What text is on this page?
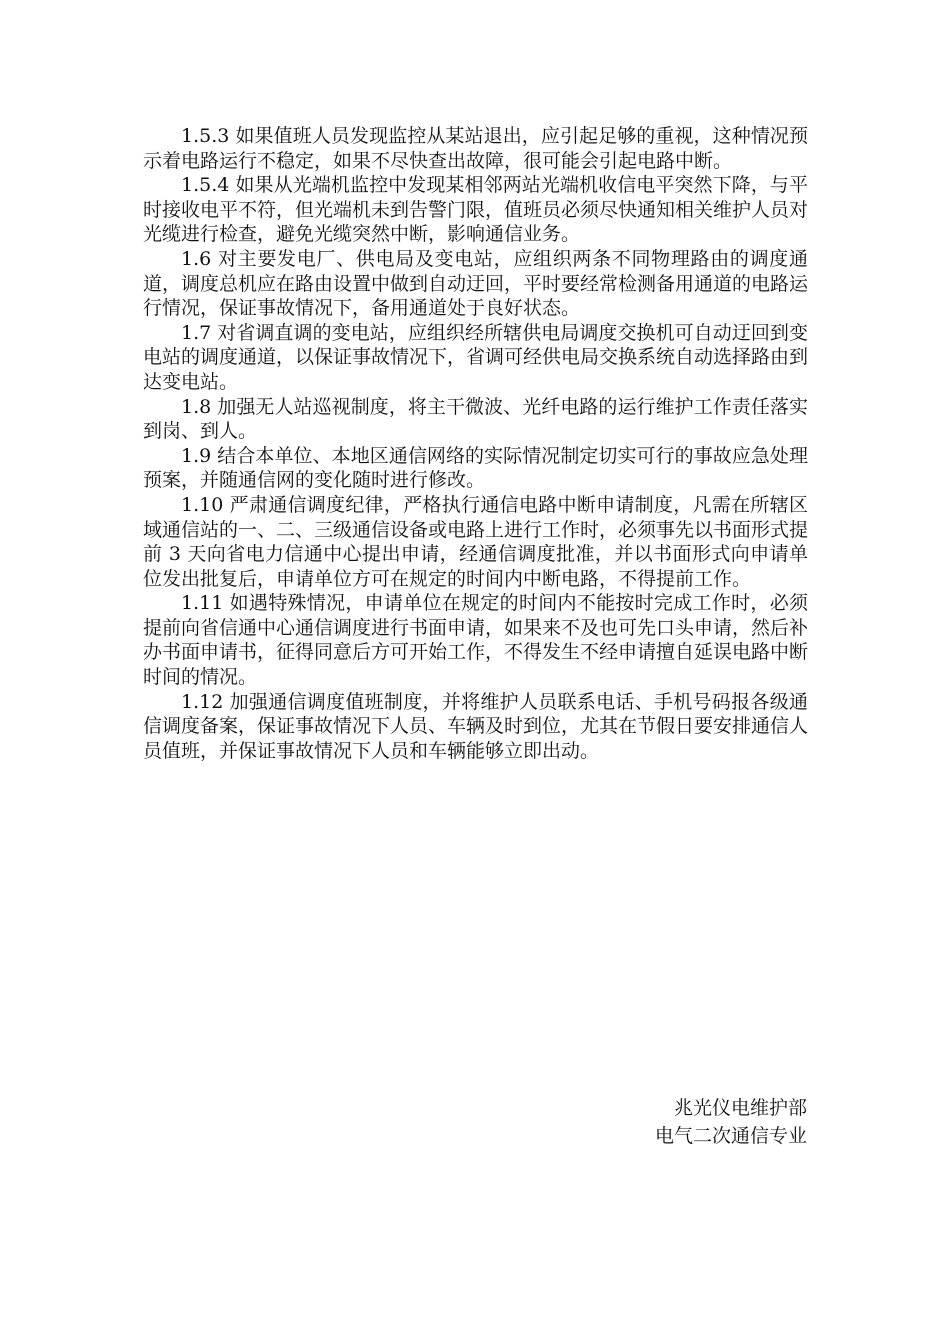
1.5.3 如果值班人员发现监控从某站退出，应引起足够的重视，这种情况预示着电路运行不稳定，如果不尽快查出故障，很可能会引起电路中断。

1.5.4 如果从光端机监控中发现某相邻两站光端机收信电平突然下降，与平时接收电平不符，但光端机未到告警门限，值班员必须尽快通知相关维护人员对光缆进行检查，避免光缆突然中断，影响通信业务。

1.6 对主要发电厂、供电局及变电站，应组织两条不同物理路由的调度通道，调度总机应在路由设置中做到自动迂回，平时要经常检测备用通道的电路运行情况，保证事故情况下，备用通道处于良好状态。

1.7 对省调直调的变电站，应组织经所辖供电局调度交换机可自动迂回到变电站的调度通道，以保证事故情况下，省调可经供电局交换系统自动选择路由到达变电站。

1.8 加强无人站巡视制度，将主干微波、光纤电路的运行维护工作责任落实到岗、到人。

1.9 结合本单位、本地区通信网络的实际情况制定切实可行的事故应急处理预案，并随通信网的变化随时进行修改。

1.10 严肃通信调度纪律，严格执行通信电路中断申请制度，凡需在所辖区域通信站的一、二、三级通信设备或电路上进行工作时，必须事先以书面形式提前 3 天向省电力信通中心提出申请，经通信调度批准，并以书面形式向申请单位发出批复后，申请单位方可在规定的时间内中断电路，不得提前工作。

1.11 如遇特殊情况，申请单位在规定的时间内不能按时完成工作时，必须提前向省信通中心通信调度进行书面申请，如果来不及也可先口头申请，然后补办书面申请书，征得同意后方可开始工作，不得发生不经申请擅自延误电路中断时间的情况。

1.12 加强通信调度值班制度，并将维护人员联系电话、手机号码报各级通信调度备案，保证事故情况下人员、车辆及时到位，尤其在节假日要安排通信人员值班，并保证事故情况下人员和车辆能够立即出动。

兆光仪电维护部
电气二次通信专业
